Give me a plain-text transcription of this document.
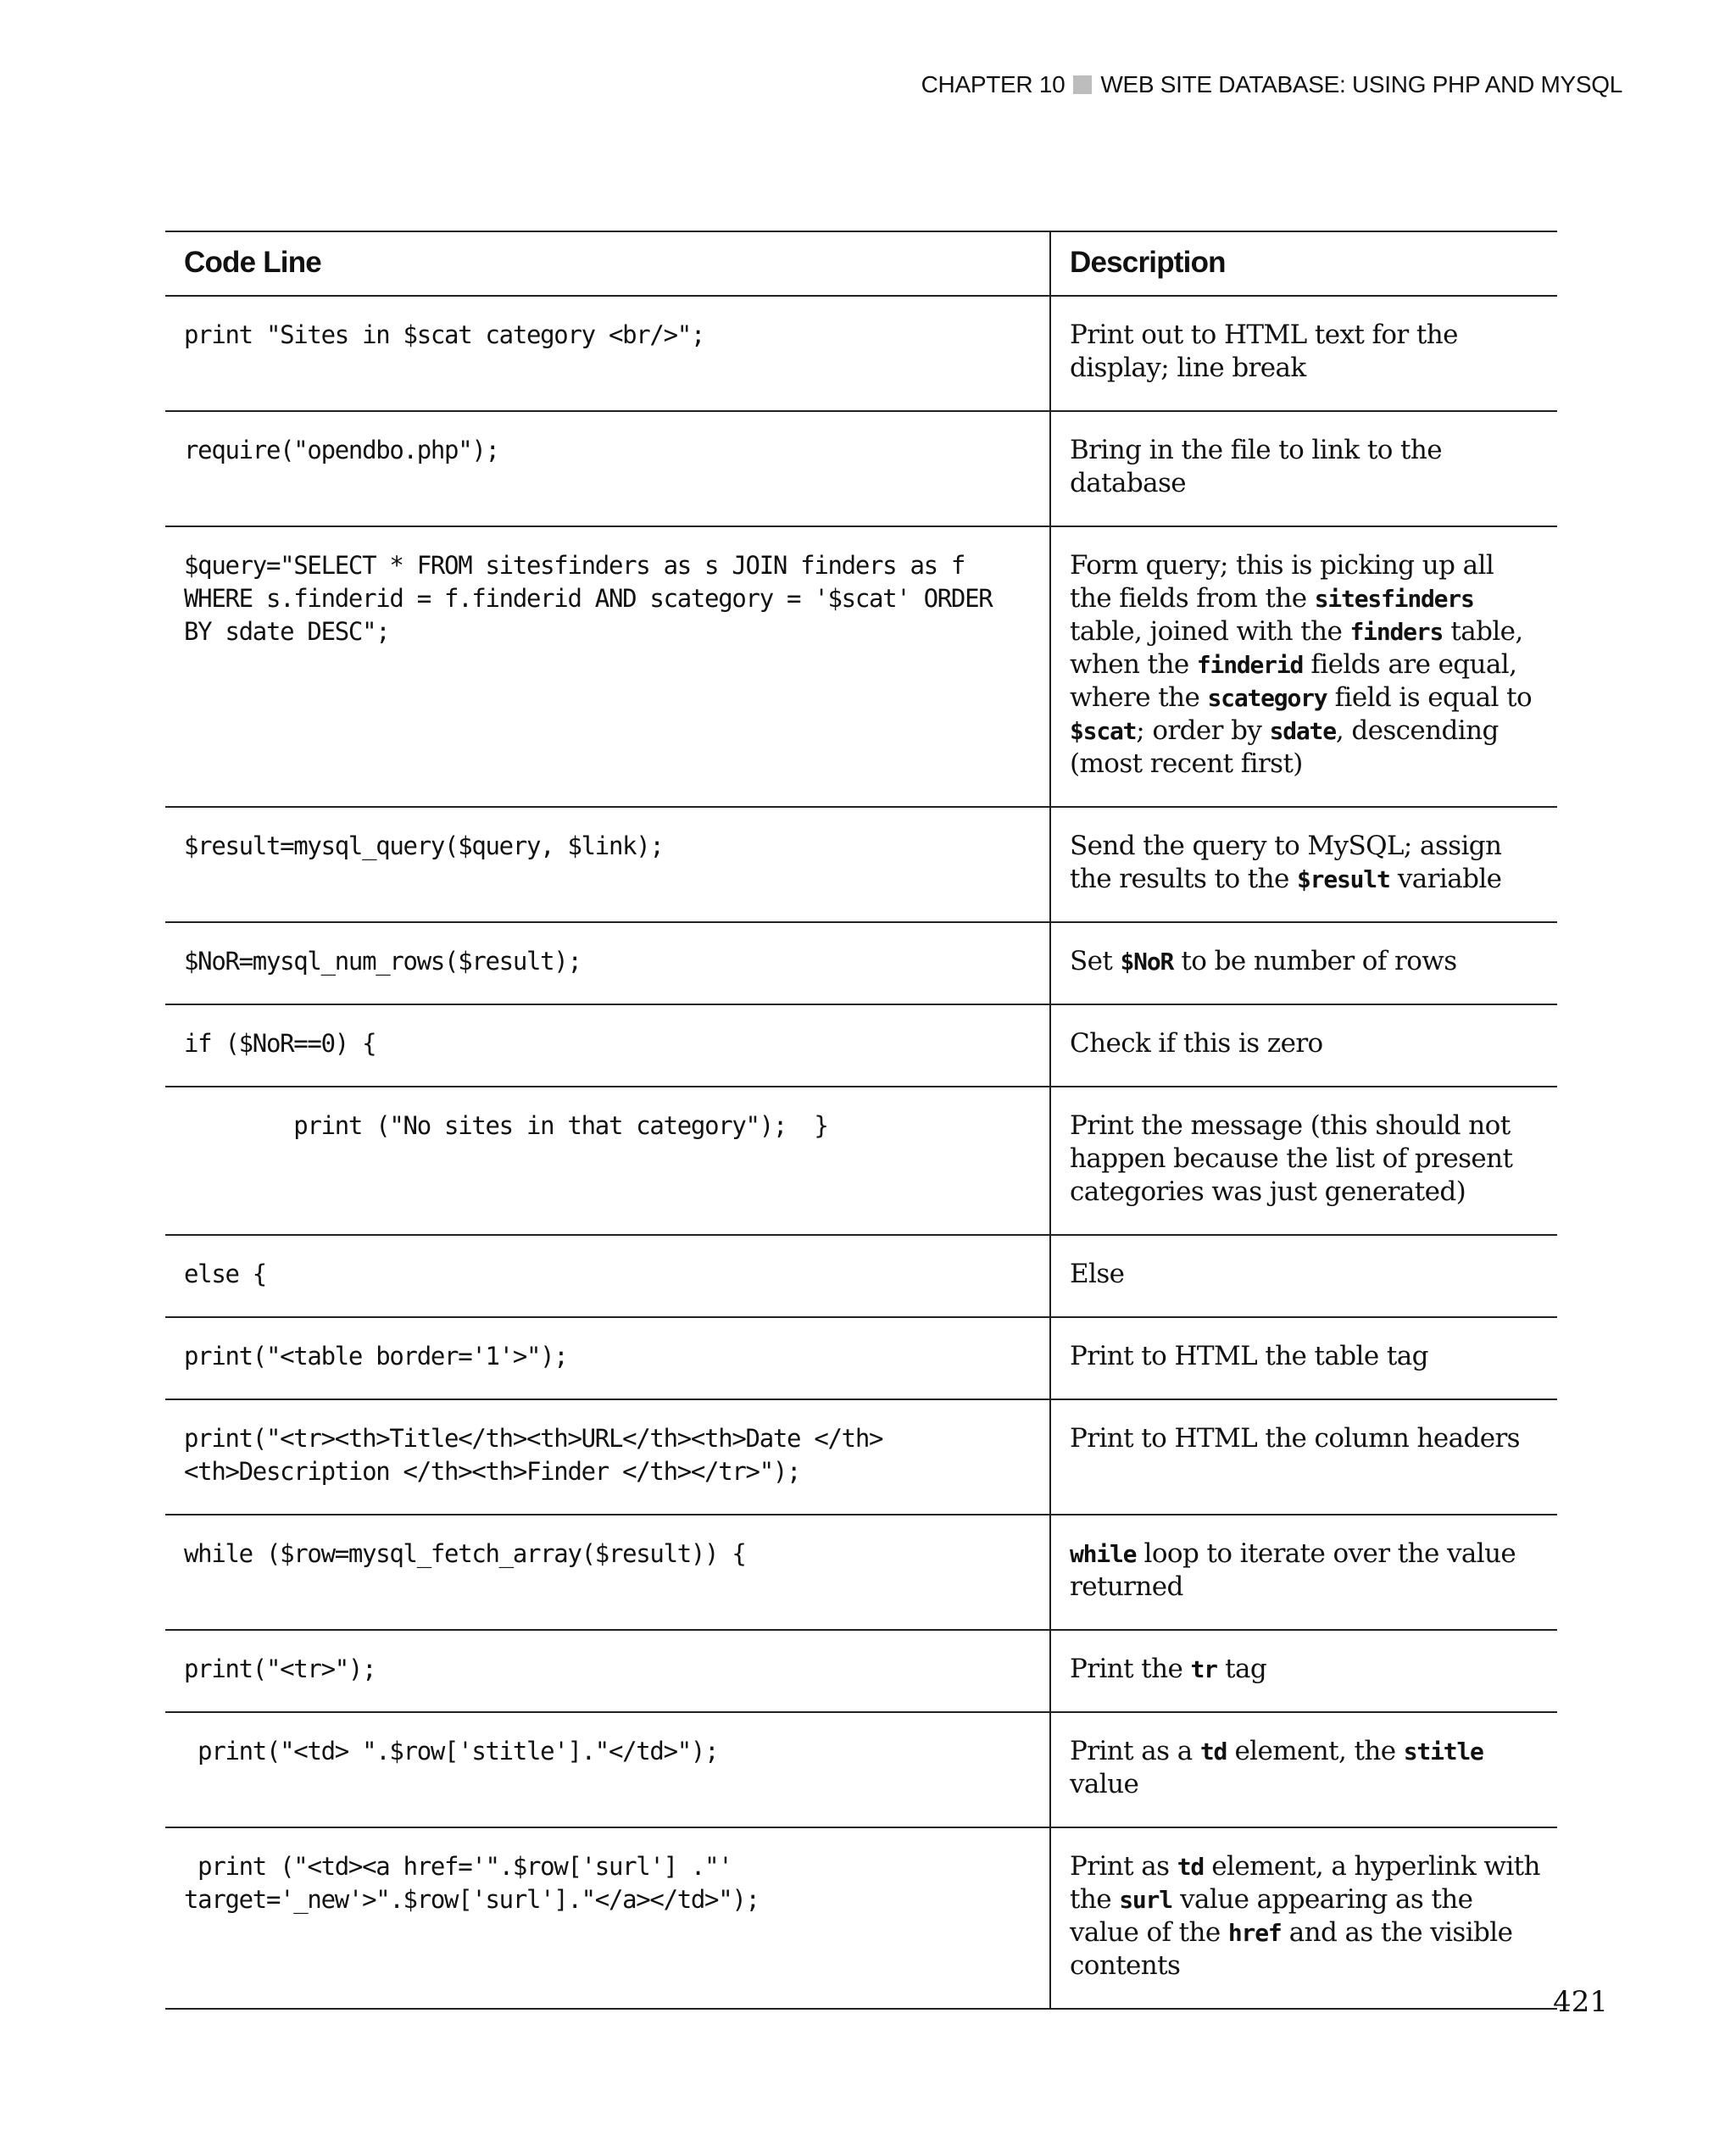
CHAPTER 10 WEB SITE DATABASE: USING PHP AND MYSQL
Code Line	Description
print "Sites in $scat category <br/>";	Print out to HTML text for the display; line break
require("opendbo.php");	Bring in the file to link to the database
$query="SELECT * FROM sitesfinders as s JOIN finders as f WHERE s.finderid = f.finderid AND scategory = '$scat' ORDER BY sdate DESC";	Form query; this is picking up all the fields from the sitesfinders table, joined with the finders table, when the finderid fields are equal, where the scategory field is equal to $scat; order by sdate, descending (most recent first)
$result=mysql_query($query, $link);	Send the query to MySQL; assign the results to the $result variable
$NoR=mysql_num_rows($result);	Set $NoR to be number of rows
if ($NoR==0) {	Check if this is zero
print ("No sites in that category");  }	Print the message (this should not happen because the list of present categories was just generated)
else {	Else
print("<table border='1'>");	Print to HTML the table tag
print("<tr><th>Title</th><th>URL</th><th>Date </th><th>Description </th><th>Finder </th></tr>");	Print to HTML the column headers
while ($row=mysql_fetch_array($result)) {	while loop to iterate over the value returned
print("<tr>");	Print the tr tag
print("<td> ".$row['stitle']."</td>");	Print as a td element, the stitle value
print ("<td><a href='".$row['surl'] ."' target='_new'>".$row['surl']."</a></td>");	Print as td element, a hyperlink with the surl value appearing as the value of the href and as the visible contents
421
